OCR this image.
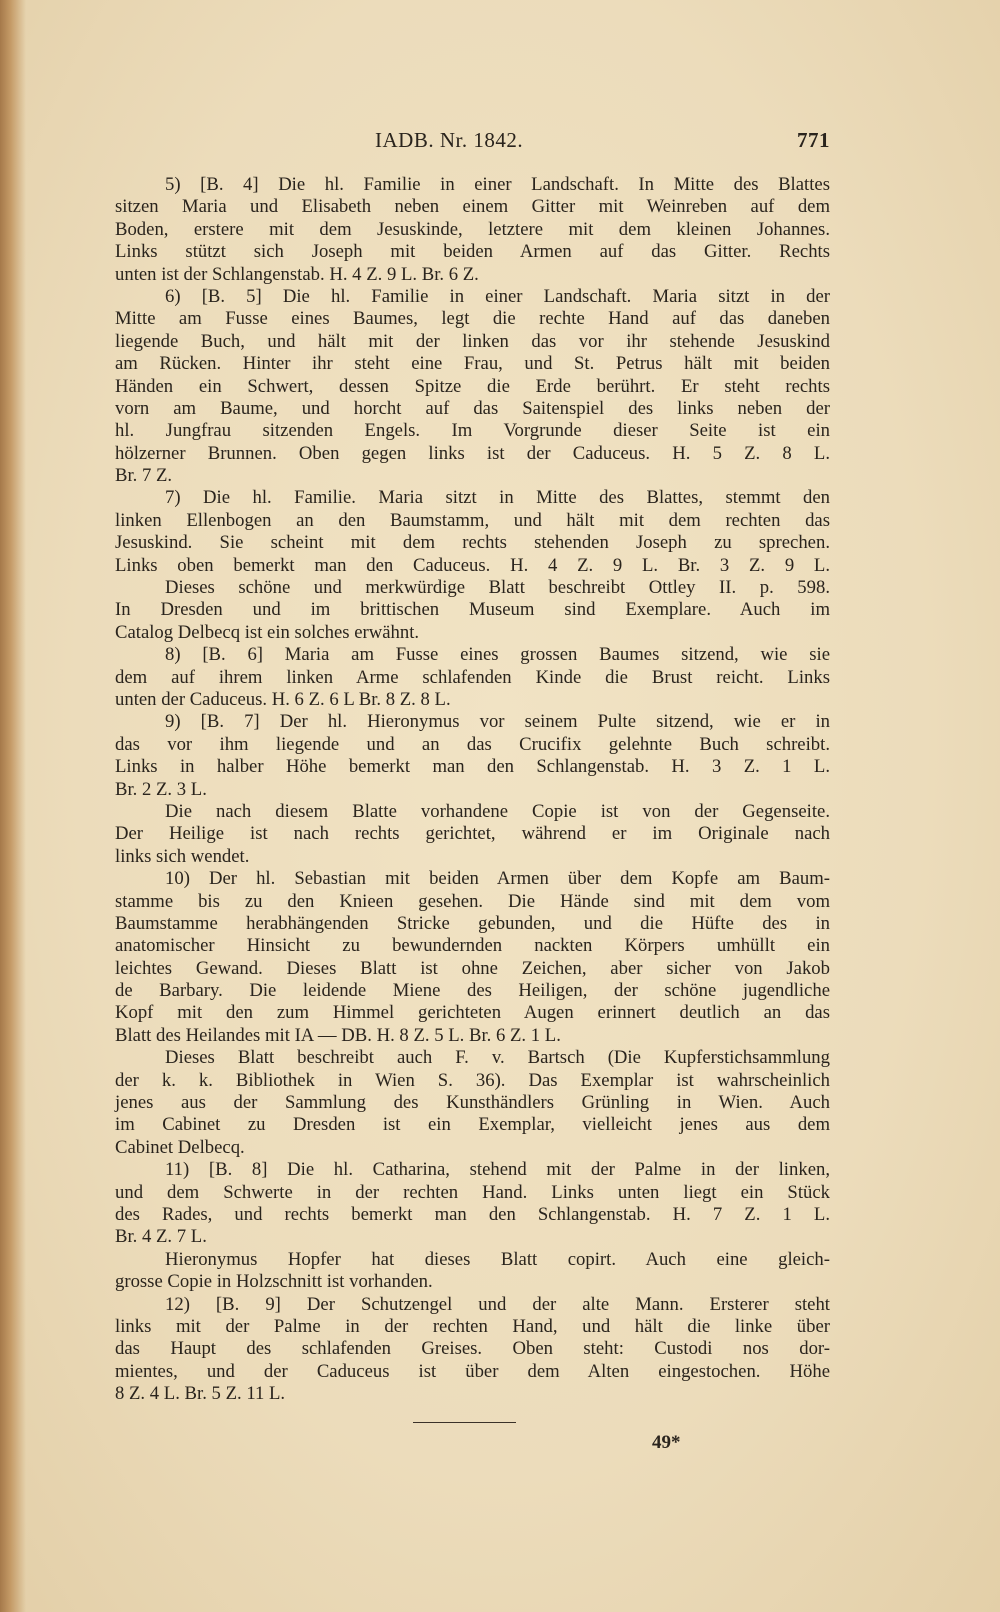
IADB. Nr. 1842.	771
5) [B. 4] Die hl. Familie in einer Landschaft. In Mitte des Blattes
sitzen Maria und Elisabeth neben einem Gitter mit Weinreben auf dem
Boden, erstere mit dem Jesuskinde, letztere mit dem kleinen Johannes.
Links stützt sich Joseph mit beiden Armen auf das Gitter. Rechts
unten ist der Schlangenstab. H. 4 Z. 9 L. Br. 6 Z.
6) [B. 5] Die hl. Familie in einer Landschaft. Maria sitzt in der
Mitte am Fusse eines Baumes, legt die rechte Hand auf das daneben
liegende Buch, und hält mit der linken das vor ihr stehende Jesuskind
am Rücken. Hinter ihr steht eine Frau, und St. Petrus hält mit beiden
Händen ein Schwert, dessen Spitze die Erde berührt. Er steht rechts
vorn am Baume, und horcht auf das Saitenspiel des links neben der
hl. Jungfrau sitzenden Engels. Im Vorgrunde dieser Seite ist ein
hölzerner Brunnen. Oben gegen links ist der Caduceus. H. 5 Z. 8 L.
Br. 7 Z.
7) Die hl. Familie. Maria sitzt in Mitte des Blattes, stemmt den
linken Ellenbogen an den Baumstamm, und hält mit dem rechten das
Jesuskind. Sie scheint mit dem rechts stehenden Joseph zu sprechen.
Links oben bemerkt man den Caduceus. H. 4 Z. 9 L. Br. 3 Z. 9 L.
Dieses schöne und merkwürdige Blatt beschreibt Ottley II. p. 598.
In Dresden und im brittischen Museum sind Exemplare. Auch im
Catalog Delbecq ist ein solches erwähnt.
8) [B. 6] Maria am Fusse eines grossen Baumes sitzend, wie sie
dem auf ihrem linken Arme schlafenden Kinde die Brust reicht. Links
unten der Caduceus. H. 6 Z. 6 L Br. 8 Z. 8 L.
9) [B. 7] Der hl. Hieronymus vor seinem Pulte sitzend, wie er in
das vor ihm liegende und an das Crucifix gelehnte Buch schreibt.
Links in halber Höhe bemerkt man den Schlangenstab. H. 3 Z. 1 L.
Br. 2 Z. 3 L.
Die nach diesem Blatte vorhandene Copie ist von der Gegenseite.
Der Heilige ist nach rechts gerichtet, während er im Originale nach
links sich wendet.
10) Der hl. Sebastian mit beiden Armen über dem Kopfe am Baum-
stamme bis zu den Knieen gesehen. Die Hände sind mit dem vom
Baumstamme herabhängenden Stricke gebunden, und die Hüfte des in
anatomischer Hinsicht zu bewundernden nackten Körpers umhüllt ein
leichtes Gewand. Dieses Blatt ist ohne Zeichen, aber sicher von Jakob
de Barbary. Die leidende Miene des Heiligen, der schöne jugendliche
Kopf mit den zum Himmel gerichteten Augen erinnert deutlich an das
Blatt des Heilandes mit IA — DB. H. 8 Z. 5 L. Br. 6 Z. 1 L.
Dieses Blatt beschreibt auch F. v. Bartsch (Die Kupferstichsammlung
der k. k. Bibliothek in Wien S. 36). Das Exemplar ist wahrscheinlich
jenes aus der Sammlung des Kunsthändlers Grünling in Wien. Auch
im Cabinet zu Dresden ist ein Exemplar, vielleicht jenes aus dem
Cabinet Delbecq.
11) [B. 8] Die hl. Catharina, stehend mit der Palme in der linken,
und dem Schwerte in der rechten Hand. Links unten liegt ein Stück
des Rades, und rechts bemerkt man den Schlangenstab. H. 7 Z. 1 L.
Br. 4 Z. 7 L.
Hieronymus Hopfer hat dieses Blatt copirt. Auch eine gleich-
grosse Copie in Holzschnitt ist vorhanden.
12) [B. 9] Der Schutzengel und der alte Mann. Ersterer steht
links mit der Palme in der rechten Hand, und hält die linke über
das Haupt des schlafenden Greises. Oben steht: Custodi nos dor-
mientes, und der Caduceus ist über dem Alten eingestochen. Höhe
8 Z. 4 L. Br. 5 Z. 11 L.
49*
